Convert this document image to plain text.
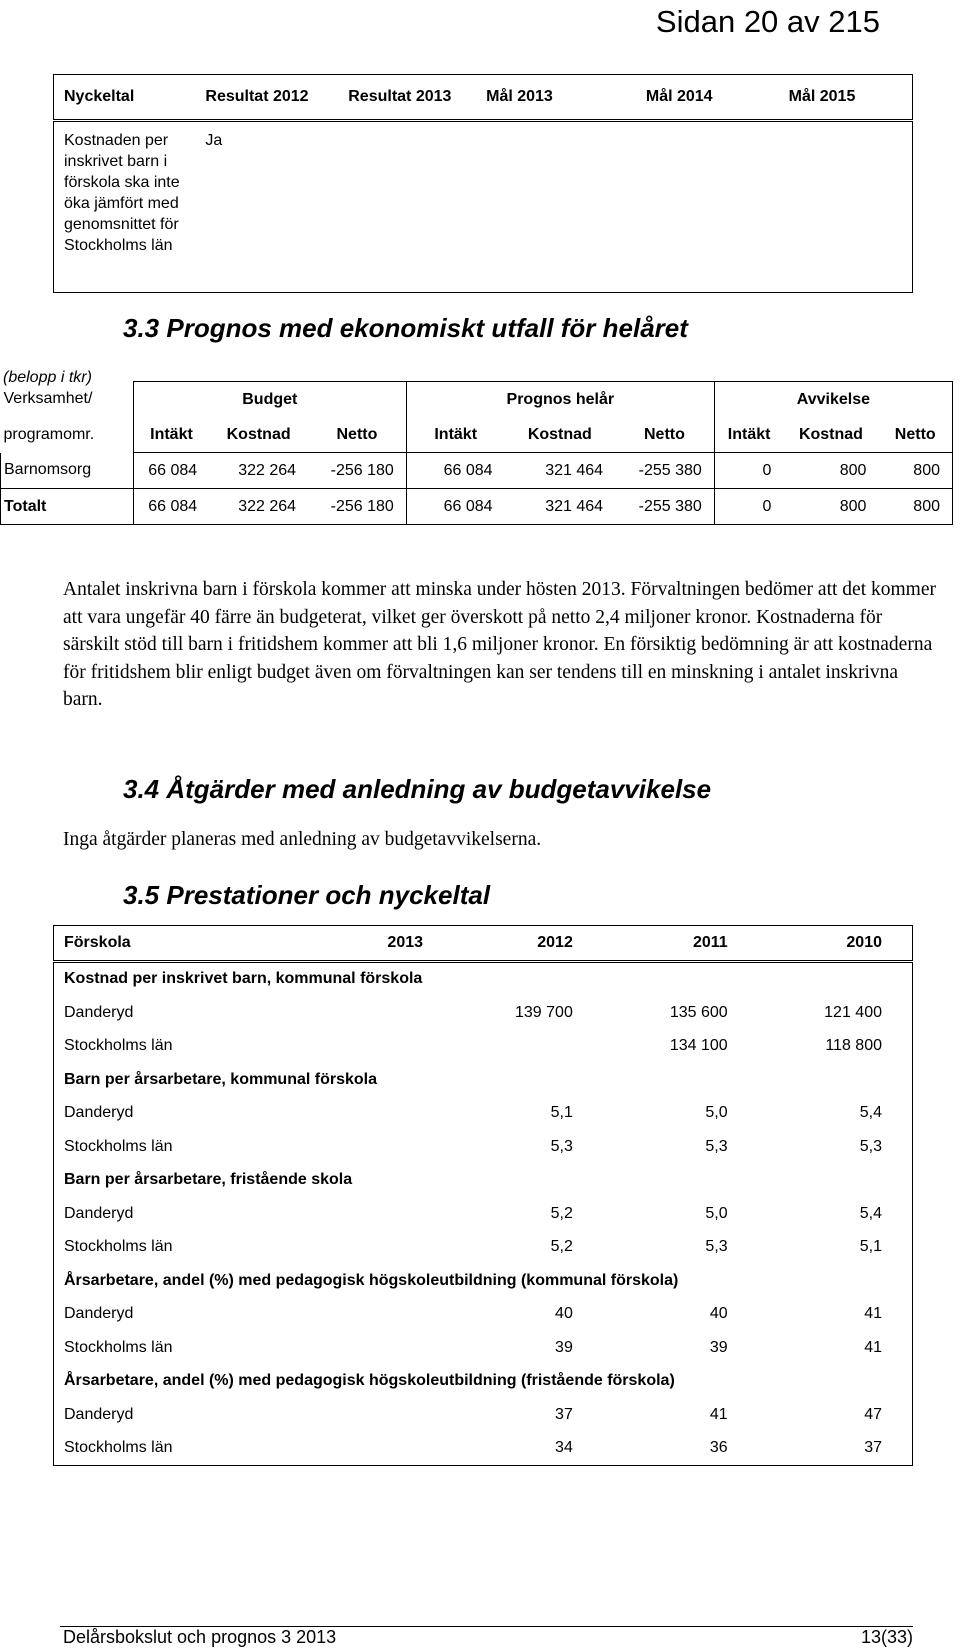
Sidan 20 av 215
Nyckeltal	Resultat 2012	Resultat 2013	Mål 2013	Mål 2014	Mål 2015
Kostnaden per inskrivet barn i förskola ska inte öka jämfört med genomsnittet för Stockholms län	Ja				
3.3 Prognos med ekonomiskt utfall för helåret
(belopp i tkr)
Verksamhet/	Budget			Prognos helår			Avvikelse		
programomr.	Intäkt	Kostnad	Netto	Intäkt	Kostnad	Netto	Intäkt	Kostnad	Netto
Barnomsorg	66 084	322 264	-256 180	66 084	321 464	-255 380	0	800	800
Totalt	66 084	322 264	-256 180	66 084	321 464	-255 380	0	800	800
Antalet inskrivna barn i förskola kommer att minska under hösten 2013. Förvaltningen bedömer att det kommer att vara ungefär 40 färre än budgeterat, vilket ger överskott på netto 2,4 miljoner kronor. Kostnaderna för särskilt stöd till barn i fritidshem kommer att bli 1,6 miljoner kronor. En försiktig bedömning är att kostnaderna för fritidshem blir enligt budget även om förvaltningen kan ser tendens till en minskning i antalet inskrivna barn.
3.4 Åtgärder med anledning av budgetavvikelse
Inga åtgärder planeras med anledning av budgetavvikelserna.
3.5 Prestationer och nyckeltal
Förskola	2013	2012	2011	2010
Kostnad per inskrivet barn, kommunal förskola				
Danderyd		139 700	135 600	121 400
Stockholms län			134 100	118 800
Barn per årsarbetare, kommunal förskola				
Danderyd		5,1	5,0	5,4
Stockholms län		5,3	5,3	5,3
Barn per årsarbetare, fristående skola				
Danderyd		5,2	5,0	5,4
Stockholms län		5,2	5,3	5,1
Årsarbetare, andel (%) med pedagogisk högskoleutbildning (kommunal förskola)				
Danderyd		40	40	41
Stockholms län		39	39	41
Årsarbetare, andel (%) med pedagogisk högskoleutbildning (fristående förskola)				
Danderyd		37	41	47
Stockholms län		34	36	37
Delårsbokslut och prognos 3 2013	13(33)
